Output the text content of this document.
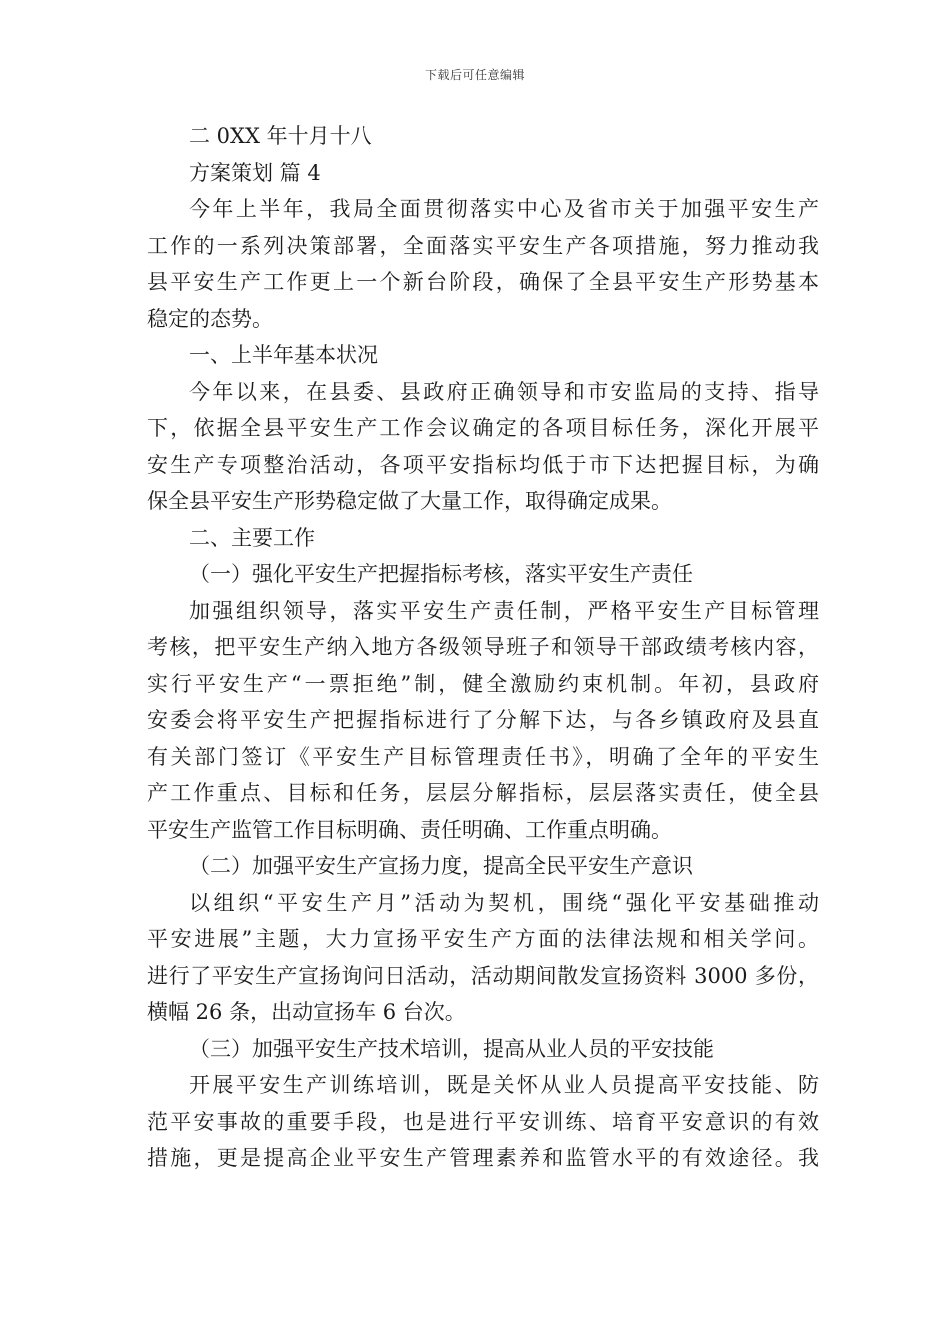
下载后可任意编辑
二 0XX 年十月十八
方案策划 篇 4
今年上半年，我局全面贯彻落实中心及省市关于加强平安生产
工作的一系列决策部署，全面落实平安生产各项措施，努力推动我
县平安生产工作更上一个新台阶段，确保了全县平安生产形势基本
稳定的态势。
一、上半年基本状况
今年以来，在县委、县政府正确领导和市安监局的支持、指导
下，依据全县平安生产工作会议确定的各项目标任务，深化开展平
安生产专项整治活动，各项平安指标均低于市下达把握目标，为确
保全县平安生产形势稳定做了大量工作，取得确定成果。
二、主要工作
（一）强化平安生产把握指标考核，落实平安生产责任
加强组织领导，落实平安生产责任制，严格平安生产目标管理
考核，把平安生产纳入地方各级领导班子和领导干部政绩考核内容，
实行平安生产“一票拒绝”制，健全激励约束机制。年初，县政府
安委会将平安生产把握指标进行了分解下达，与各乡镇政府及县直
有关部门签订《平安生产目标管理责任书》，明确了全年的平安生
产工作重点、目标和任务，层层分解指标，层层落实责任，使全县
平安生产监管工作目标明确、责任明确、工作重点明确。
（二）加强平安生产宣扬力度，提高全民平安生产意识
以组织“平安生产月”活动为契机，围绕“强化平安基础推动
平安进展”主题，大力宣扬平安生产方面的法律法规和相关学问。
进行了平安生产宣扬询问日活动，活动期间散发宣扬资料 3000 多份，
横幅 26 条，出动宣扬车 6 台次。
（三）加强平安生产技术培训，提高从业人员的平安技能
开展平安生产训练培训，既是关怀从业人员提高平安技能、防
范平安事故的重要手段，也是进行平安训练、培育平安意识的有效
措施，更是提高企业平安生产管理素养和监管水平的有效途径。我
